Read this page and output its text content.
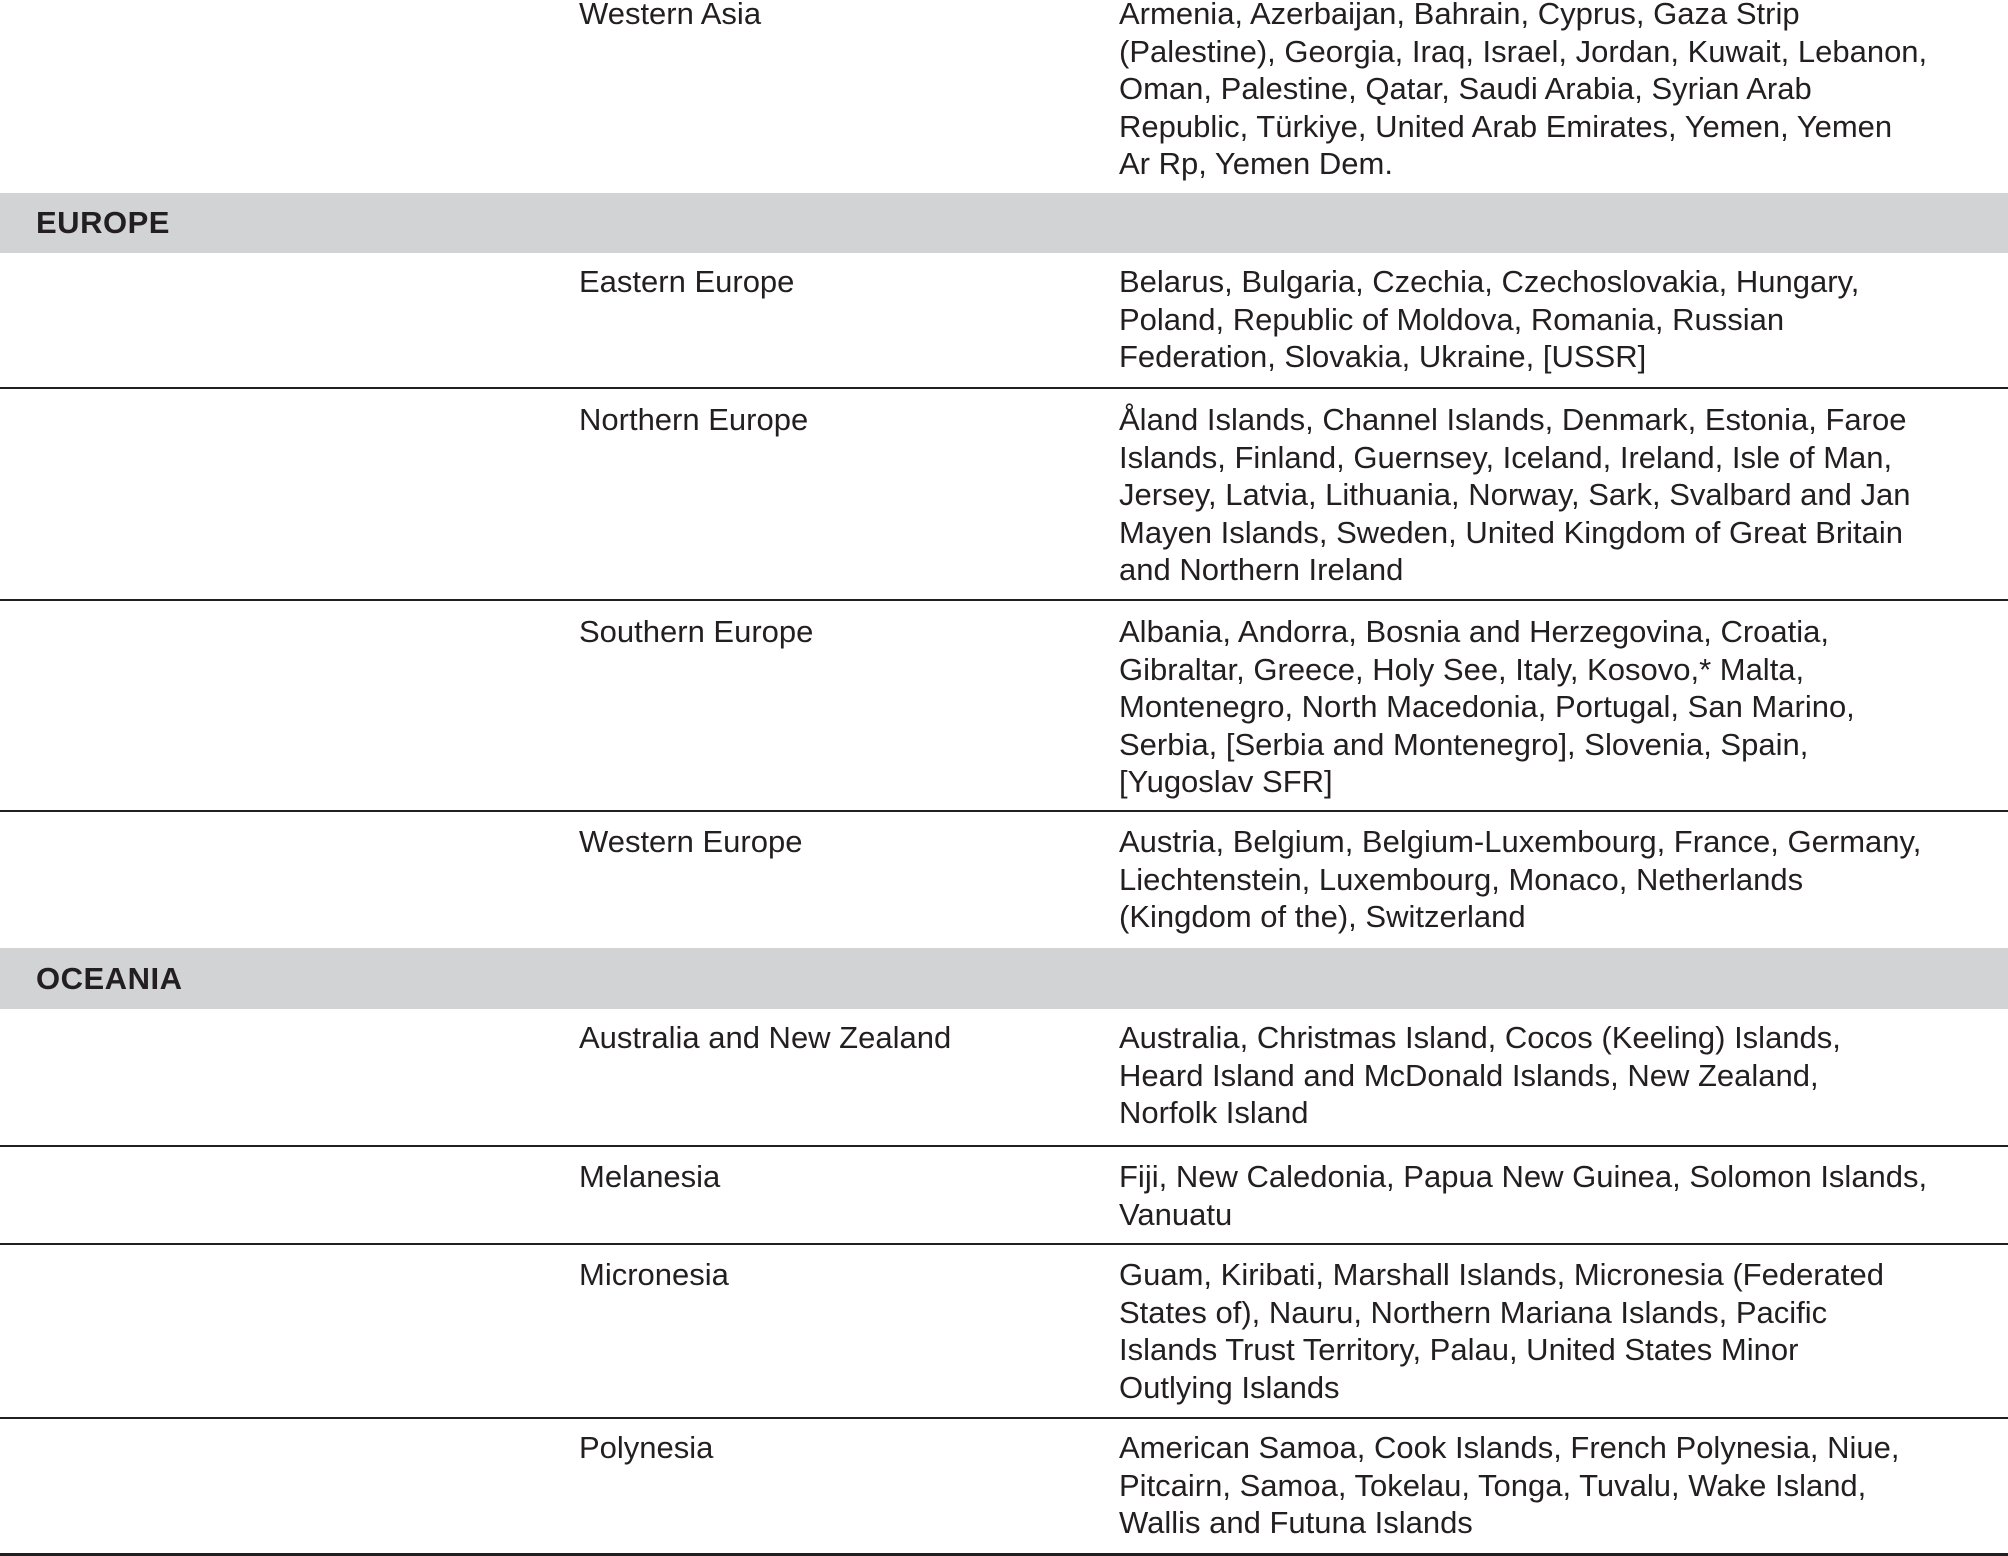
Western Asia	Armenia, Azerbaijan, Bahrain, Cyprus, Gaza Strip
(Palestine), Georgia, Iraq, Israel, Jordan, Kuwait, Lebanon,
Oman, Palestine, Qatar, Saudi Arabia, Syrian Arab
Republic, Türkiye, United Arab Emirates, Yemen, Yemen
Ar Rp, Yemen Dem.
EUROPE
Eastern Europe	Belarus, Bulgaria, Czechia, Czechoslovakia, Hungary,
Poland, Republic of Moldova, Romania, Russian
Federation, Slovakia, Ukraine, [USSR]
Northern Europe	Åland Islands, Channel Islands, Denmark, Estonia, Faroe
Islands, Finland, Guernsey, Iceland, Ireland, Isle of Man,
Jersey, Latvia, Lithuania, Norway, Sark, Svalbard and Jan
Mayen Islands, Sweden, United Kingdom of Great Britain
and Northern Ireland
Southern Europe	Albania, Andorra, Bosnia and Herzegovina, Croatia,
Gibraltar, Greece, Holy See, Italy, Kosovo,* Malta,
Montenegro, North Macedonia, Portugal, San Marino,
Serbia, [Serbia and Montenegro], Slovenia, Spain,
[Yugoslav SFR]
Western Europe	Austria, Belgium, Belgium-Luxembourg, France, Germany,
Liechtenstein, Luxembourg, Monaco, Netherlands
(Kingdom of the), Switzerland
OCEANIA
Australia and New Zealand	Australia, Christmas Island, Cocos (Keeling) Islands,
Heard Island and McDonald Islands, New Zealand,
Norfolk Island
Melanesia	Fiji, New Caledonia, Papua New Guinea, Solomon Islands,
Vanuatu
Micronesia	Guam, Kiribati, Marshall Islands, Micronesia (Federated
States of), Nauru, Northern Mariana Islands, Pacific
Islands Trust Territory, Palau, United States Minor
Outlying Islands
Polynesia	American Samoa, Cook Islands, French Polynesia, Niue,
Pitcairn, Samoa, Tokelau, Tonga, Tuvalu, Wake Island,
Wallis and Futuna Islands
